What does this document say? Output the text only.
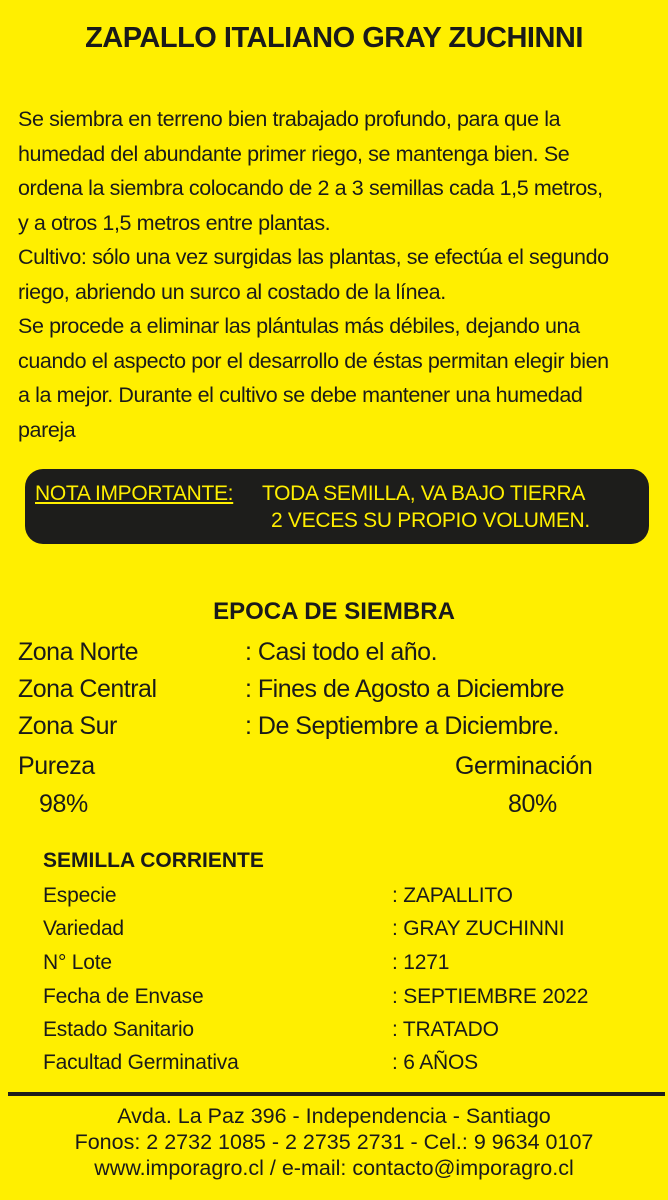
ZAPALLO ITALIANO GRAY ZUCHINNI

Se siembra en terreno bien trabajado profundo, para que la

humedad del abundante primer riego, se mantenga bien. Se

ordena la siembra colocando de 2 a 3 semillas cada 1,5 metros,

y a otros 1,5 metros entre plantas.

Cultivo: sólo una vez surgidas las plantas, se efectúa el segundo

riego, abriendo un surco al costado de la línea.

Se procede a eliminar las plántulas más débiles, dejando una

cuando el aspecto por el desarrollo de éstas permitan elegir bien

a la mejor. Durante el cultivo se debe mantener una humedad

pareja

NOTA IMPORTANTE: TODA SEMILLA, VA BAJO TIERRA
2 VECES SU PROPIO VOLUMEN.
EPOCA DE SIEMBRA
Zona Norte	: Casi todo el año.
Zona Central	: Fines de Agosto a Diciembre
Zona Sur	: De Septiembre a Diciembre.
Pureza	Germinación
98%	80%
SEMILLA CORRIENTE
Especie	: ZAPALLITO
Variedad	: GRAY ZUCHINNI
N° Lote	: 1271
Fecha de Envase	: SEPTIEMBRE 2022
Estado Sanitario	: TRATADO
Facultad Germinativa	: 6 AÑOS
Avda. La Paz 396 - Independencia - Santiago
Fonos: 2 2732 1085 - 2 2735 2731 - Cel.: 9 9634 0107
www.imporagro.cl / e-mail: contacto@imporagro.cl
